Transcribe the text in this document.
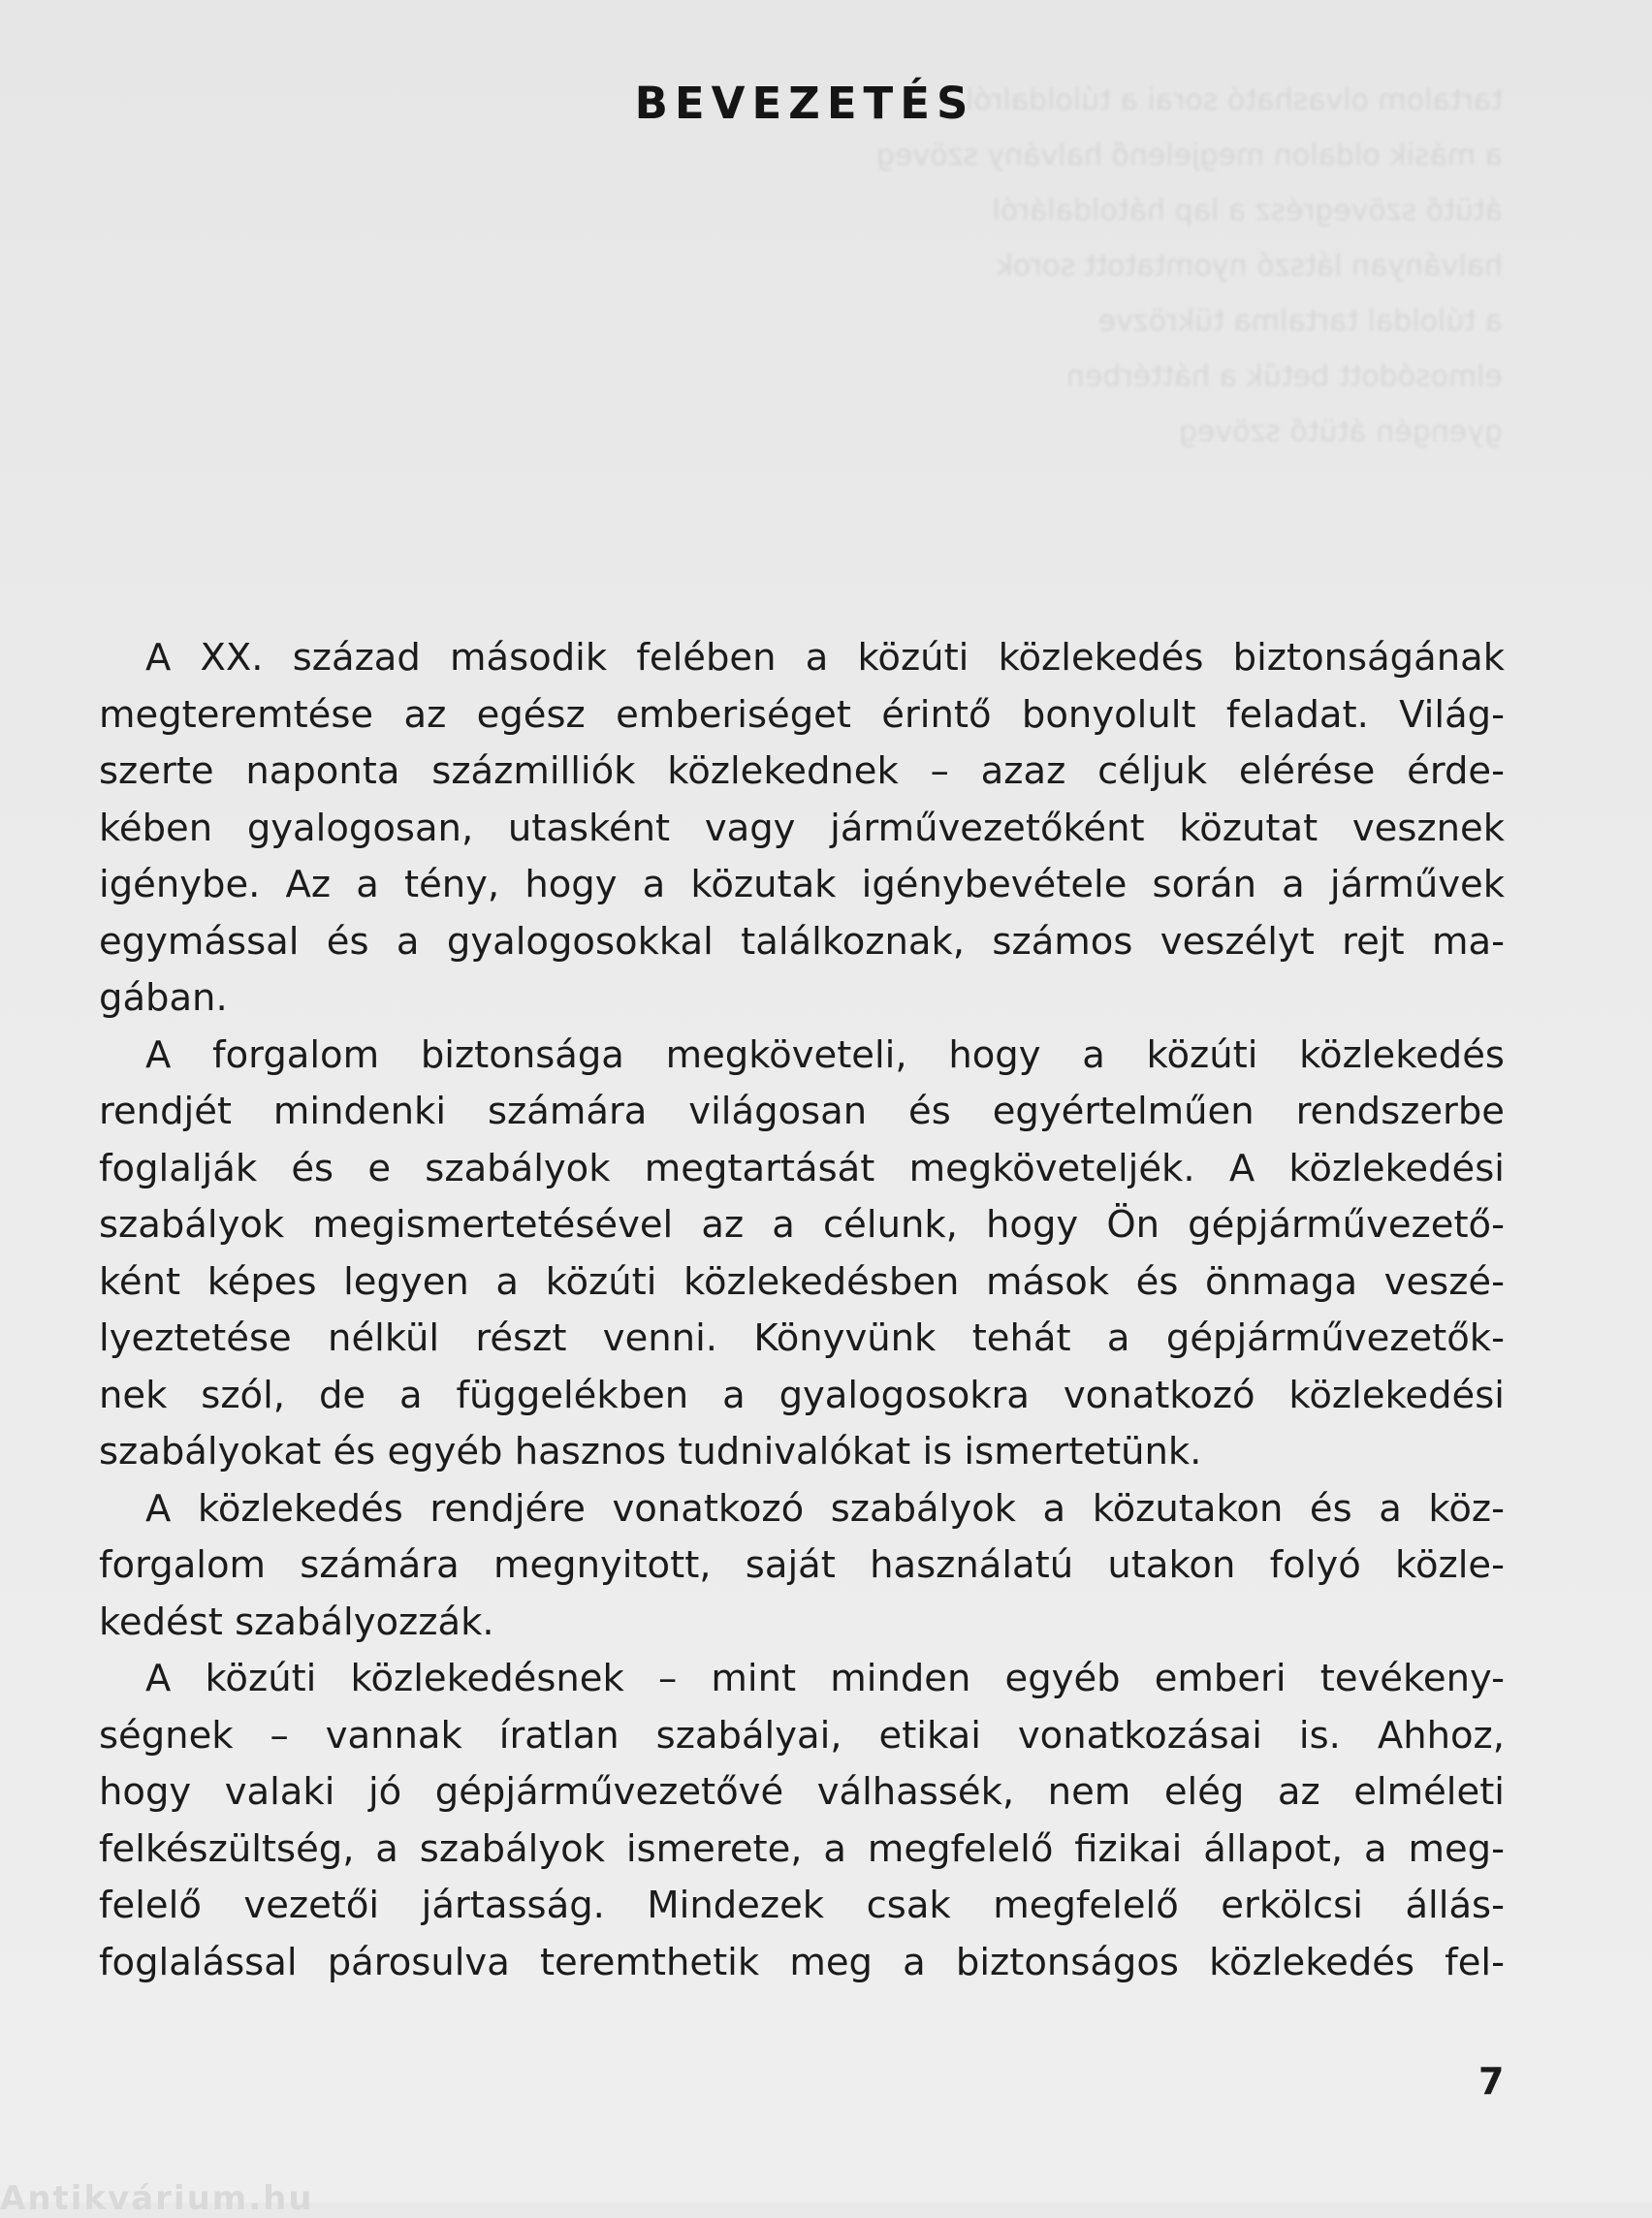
tartalom olvasható sorai a túloldalról
a másik oldalon megjelenő halvány szöveg
átütő szövegrész a lap hátoldaláról
halványan látszó nyomtatott sorok
a túloldal tartalma tükrözve
elmosódott betűk a háttérben
gyengén átütő szöveg
BEVEZETÉS
A XX. század második felében a közúti közlekedés biztonságának
megteremtése az egész emberiséget érintő bonyolult feladat. Világ-
szerte naponta százmilliók közlekednek – azaz céljuk elérése érde-
kében gyalogosan, utasként vagy járművezetőként közutat vesznek
igénybe. Az a tény, hogy a közutak igénybevétele során a járművek
egymással és a gyalogosokkal találkoznak, számos veszélyt rejt ma-
gában.
A forgalom biztonsága megköveteli, hogy a közúti közlekedés
rendjét mindenki számára világosan és egyértelműen rendszerbe
foglalják és e szabályok megtartását megköveteljék. A közlekedési
szabályok megismertetésével az a célunk, hogy Ön gépjárművezető-
ként képes legyen a közúti közlekedésben mások és önmaga veszé-
lyeztetése nélkül részt venni. Könyvünk tehát a gépjárművezetők-
nek szól, de a függelékben a gyalogosokra vonatkozó közlekedési
szabályokat és egyéb hasznos tudnivalókat is ismertetünk.
A közlekedés rendjére vonatkozó szabályok a közutakon és a köz-
forgalom számára megnyitott, saját használatú utakon folyó közle-
kedést szabályozzák.
A közúti közlekedésnek – mint minden egyéb emberi tevékeny-
ségnek – vannak íratlan szabályai, etikai vonatkozásai is. Ahhoz,
hogy valaki jó gépjárművezetővé válhassék, nem elég az elméleti
felkészültség, a szabályok ismerete, a megfelelő fizikai állapot, a meg-
felelő vezetői jártasság. Mindezek csak megfelelő erkölcsi állás-
foglalással párosulva teremthetik meg a biztonságos közlekedés fel-
7
Antikvárium.hu
